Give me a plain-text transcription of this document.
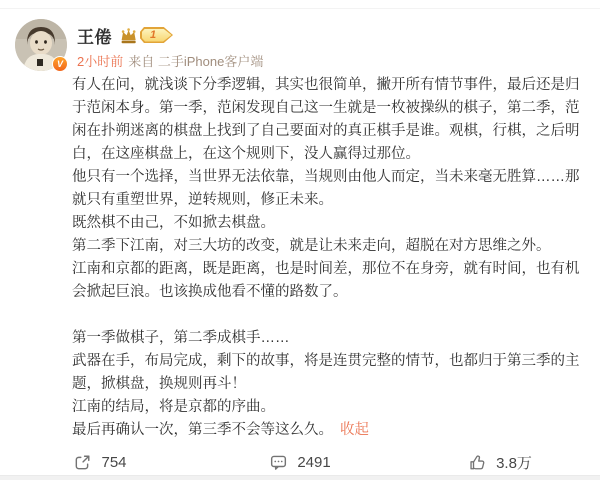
V
王倦	1
2小时前 来自 二手iPhone客户端
有人在问，就浅谈下分季逻辑，其实也很简单，撇开所有情节事件，最后还是归于范闲本身。第一季，范闲发现自己这一生就是一枚被操纵的棋子，第二季，范闲在扑朔迷离的棋盘上找到了自己要面对的真正棋手是谁。观棋，行棋，之后明白，在这座棋盘上，在这个规则下，没人赢得过那位。
他只有一个选择，当世界无法依靠，当规则由他人而定，当未来毫无胜算……那就只有重塑世界，逆转规则，修正未来。
既然棋不由己，不如掀去棋盘。
第二季下江南，对三大坊的改变，就是让未来走向，超脱在对方思维之外。
江南和京都的距离，既是距离，也是时间差，那位不在身旁，就有时间，也有机会掀起巨浪。也该换成他看不懂的路数了。
第一季做棋子，第二季成棋手……
武器在手，布局完成，剩下的故事，将是连贯完整的情节，也都归于第三季的主题，掀棋盘，换规则再斗！
江南的结局，将是京都的序曲。
最后再确认一次，第三季不会等这么久。 收起
754	2491	3.8万
